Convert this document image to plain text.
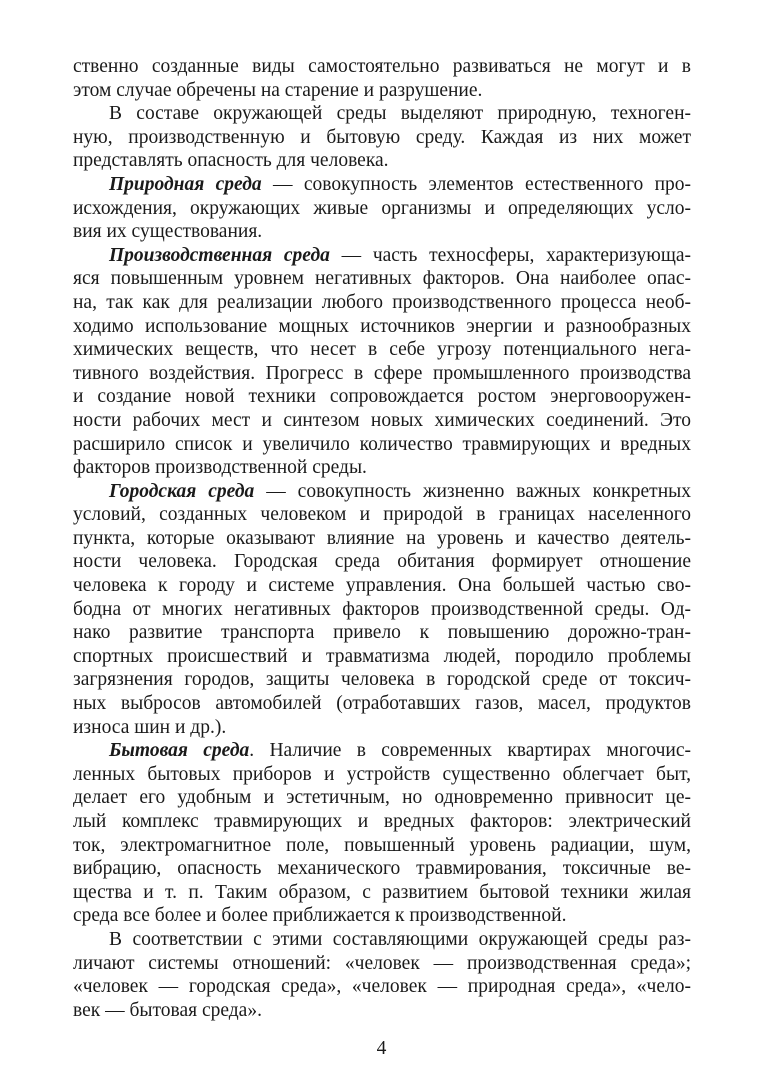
ственно созданные виды самостоятельно развиваться не могут и в
этом случае обречены на старение и разрушение.

В составе окружающей среды выделяют природную, техноген-
ную, производственную и бытовую среду. Каждая из них может
представлять опасность для человека.

Природная среда — совокупность элементов естественного про-
исхождения, окружающих живые организмы и определяющих усло-
вия их существования.

Производственная среда — часть техносферы, характеризующа-
яся повышенным уровнем негативных факторов. Она наиболее опас-
на, так как для реализации любого производственного процесса необ-
ходимо использование мощных источников энергии и разнообразных
химических веществ, что несет в себе угрозу потенциального нега-
тивного воздействия. Прогресс в сфере промышленного производства
и создание новой техники сопровождается ростом энерговооружен-
ности рабочих мест и синтезом новых химических соединений. Это
расширило список и увеличило количество травмирующих и вредных
факторов производственной среды.

Городская среда — совокупность жизненно важных конкретных
условий, созданных человеком и природой в границах населенного
пункта, которые оказывают влияние на уровень и качество деятель-
ности человека. Городская среда обитания формирует отношение
человека к городу и системе управления. Она большей частью сво-
бодна от многих негативных факторов производственной среды. Од-
нако развитие транспорта привело к повышению дорожно-тран-
спортных происшествий и травматизма людей, породило проблемы
загрязнения городов, защиты человека в городской среде от токсич-
ных выбросов автомобилей (отработавших газов, масел, продуктов
износа шин и др.).

Бытовая среда. Наличие в современных квартирах многочис-
ленных бытовых приборов и устройств существенно облегчает быт,
делает его удобным и эстетичным, но одновременно привносит це-
лый комплекс травмирующих и вредных факторов: электрический
ток, электромагнитное поле, повышенный уровень радиации, шум,
вибрацию, опасность механического травмирования, токсичные ве-
щества и т. п. Таким образом, с развитием бытовой техники жилая
среда все более и более приближается к производственной.

В соответствии с этими составляющими окружающей среды раз-
личают системы отношений: «человек — производственная среда»;
«человек — городская среда», «человек — природная среда», «чело-
век — бытовая среда».

4
